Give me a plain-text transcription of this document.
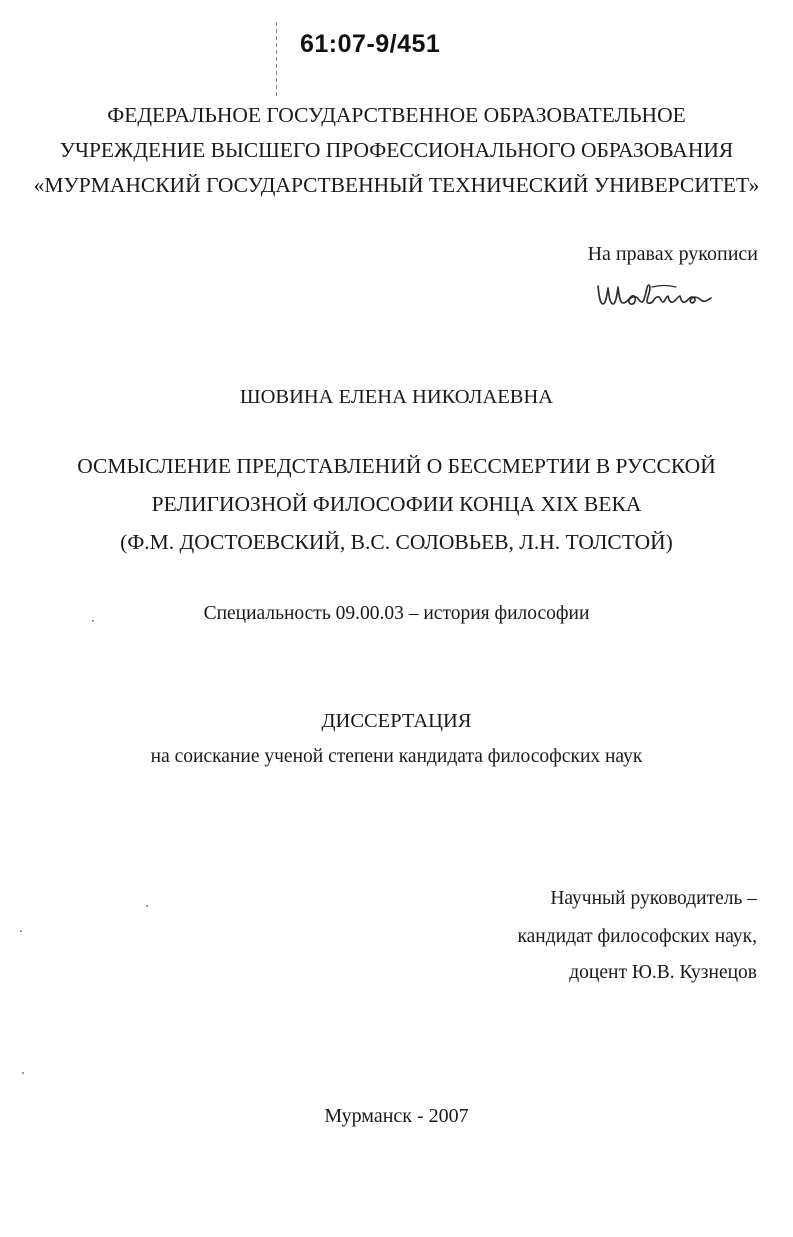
61:07-9/451
ФЕДЕРАЛЬНОЕ ГОСУДАРСТВЕННОЕ ОБРАЗОВАТЕЛЬНОЕ
УЧРЕЖДЕНИЕ ВЫСШЕГО ПРОФЕССИОНАЛЬНОГО ОБРАЗОВАНИЯ
«МУРМАНСКИЙ ГОСУДАРСТВЕННЫЙ ТЕХНИЧЕСКИЙ УНИВЕРСИТЕТ»
На правах рукописи
ШОВИНА ЕЛЕНА НИКОЛАЕВНА
ОСМЫСЛЕНИЕ ПРЕДСТАВЛЕНИЙ О БЕССМЕРТИИ В РУССКОЙ
РЕЛИГИОЗНОЙ ФИЛОСОФИИ КОНЦА XIX ВЕКА
(Ф.М. ДОСТОЕВСКИЙ, В.С. СОЛОВЬЕВ, Л.Н. ТОЛСТОЙ)
Специальность 09.00.03 – история философии
ДИССЕРТАЦИЯ
на соискание ученой степени кандидата философских наук
Научный руководитель –
кандидат философских наук,
доцент Ю.В. Кузнецов
Мурманск - 2007
